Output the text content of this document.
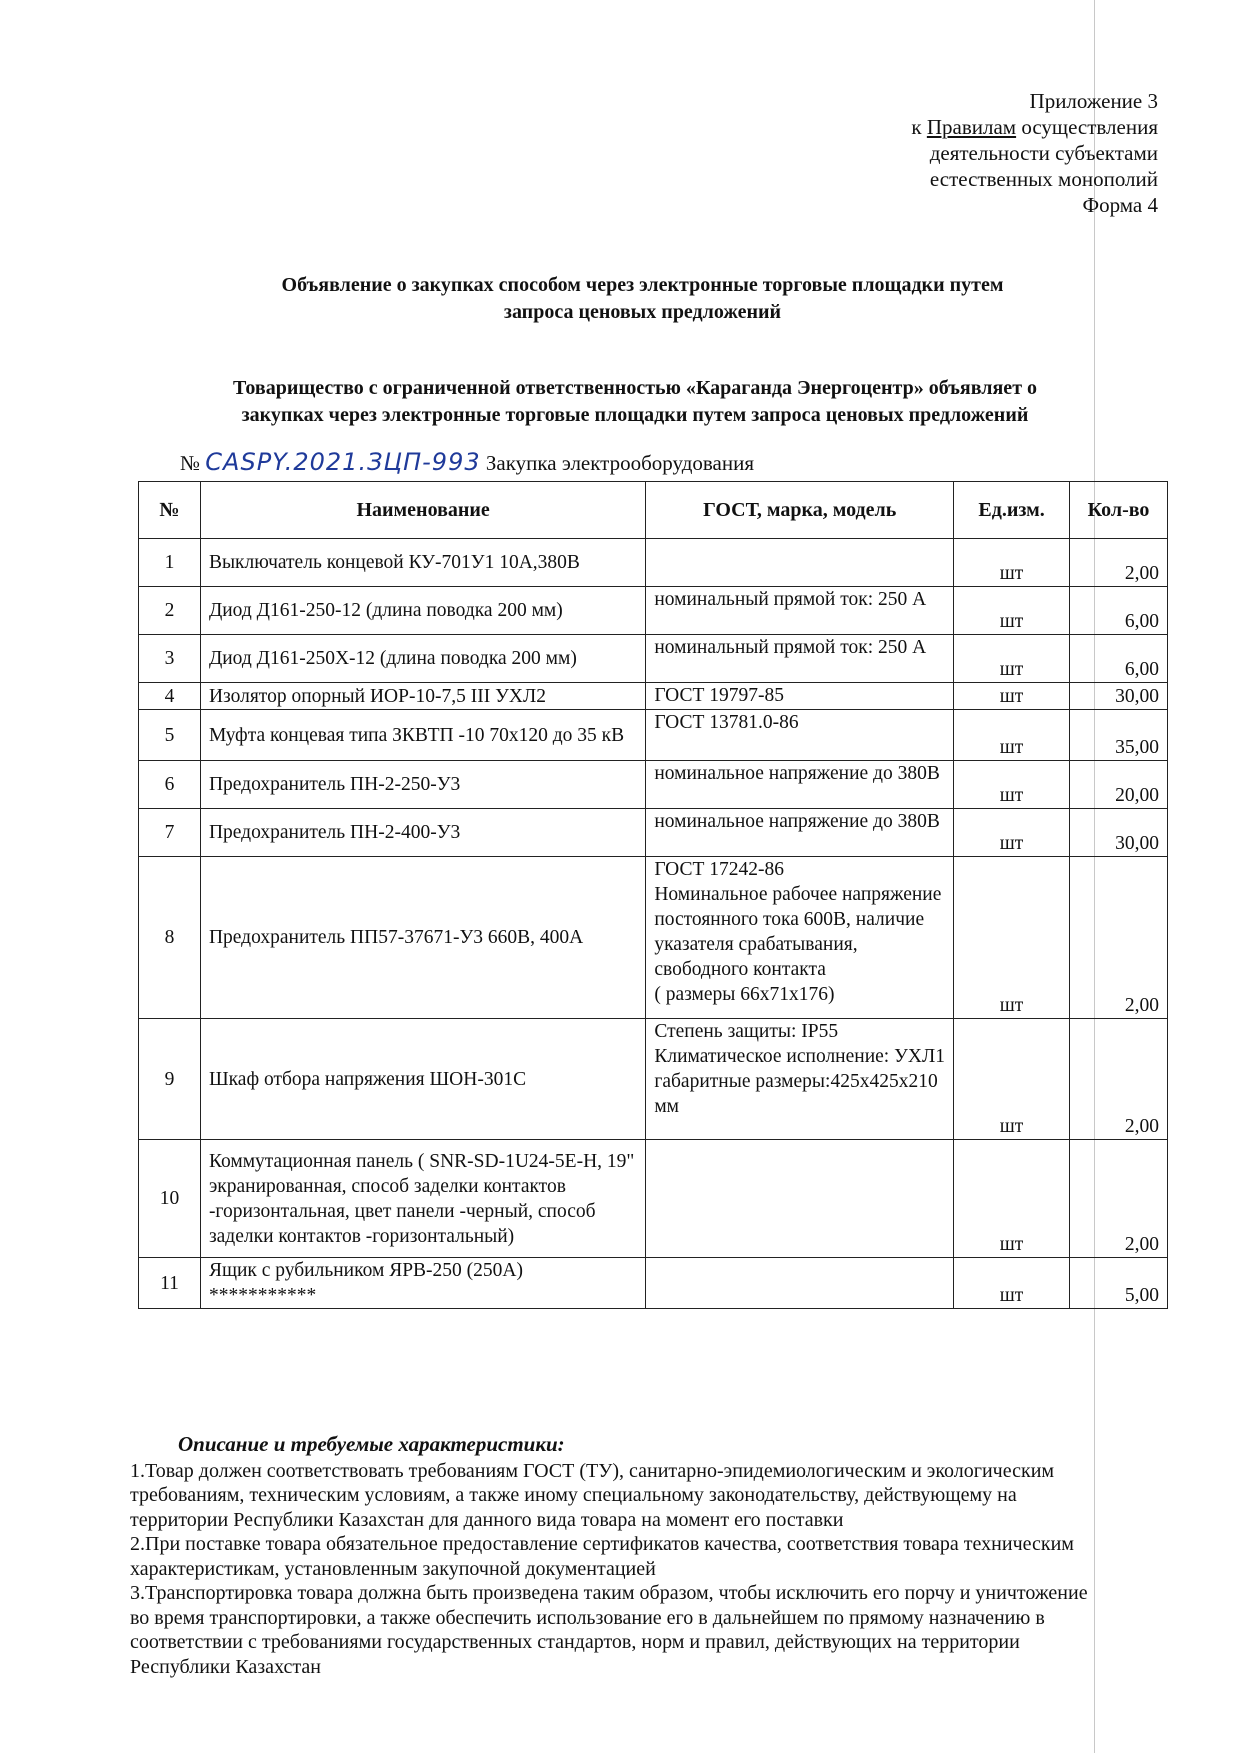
Приложение 3
к Правилам осуществления
деятельности субъектами
естественных монополий
Форма 4
Объявление о закупках способом через электронные торговые площадки путем
запроса ценовых предложений
Товарищество с ограниченной ответственностью «Караганда Энергоцентр» объявляет о
закупках через электронные торговые площадки путем запроса ценовых предложений
№ CASPY.2021.ЗЦП-993 Закупка электрооборудования
№	Наименование	ГОСТ, марка, модель	Ед.изм.	Кол-во
1	Выключатель концевой КУ-701У1 10А,380В		шт	2,00
2	Диод Д161-250-12 (длина поводка 200 мм)	номинальный прямой ток: 250 А	шт	6,00
3	Диод Д161-250Х-12 (длина поводка 200 мм)	номинальный прямой ток: 250 А	шт	6,00
4	Изолятор опорный ИОР-10-7,5 III УХЛ2	ГОСТ 19797-85	шт	30,00
5	Муфта концевая типа ЗКВТП -10 70х120 до 35 кВ	ГОСТ 13781.0-86	шт	35,00
6	Предохранитель ПН-2-250-У3	номинальное напряжение до 380В	шт	20,00
7	Предохранитель ПН-2-400-У3	номинальное напряжение до 380В	шт	30,00
8	Предохранитель ПП57-37671-У3 660В, 400А	ГОСТ 17242-86
Номинальное рабочее напряжение постоянного тока 600В, наличие указателя срабатывания, свободного контакта
( размеры 66х71х176)	шт	2,00
9	Шкаф отбора напряжения ШОН-301С	Степень защиты: IP55
Климатическое исполнение: УХЛ1
габаритные размеры:425х425х210 мм	шт	2,00
10	Коммутационная панель ( SNR-SD-1U24-5E-H, 19" экранированная, способ заделки контактов -горизонтальная, цвет панели -черный, способ заделки контактов -горизонтальный)		шт	2,00
11	Ящик с рубильником ЯРВ-250 (250А)
***********		шт	5,00
Описание и требуемые характеристики:

1.Товар должен соответствовать требованиям ГОСТ (ТУ), санитарно-эпидемиологическим и экологическим требованиям, техническим условиям, а также иному специальному законодательству, действующему на территории Республики Казахстан для данного вида товара на момент его поставки

2.При поставке товара обязательное предоставление сертификатов качества, соответствия товара техническим характеристикам, установленным закупочной документацией

3.Транспортировка товара должна быть произведена таким образом, чтобы исключить его порчу и уничтожение во время транспортировки, а также обеспечить использование его в дальнейшем по прямому назначению в соответствии с требованиями государственных стандартов, норм и правил, действующих на территории Республики Казахстан
